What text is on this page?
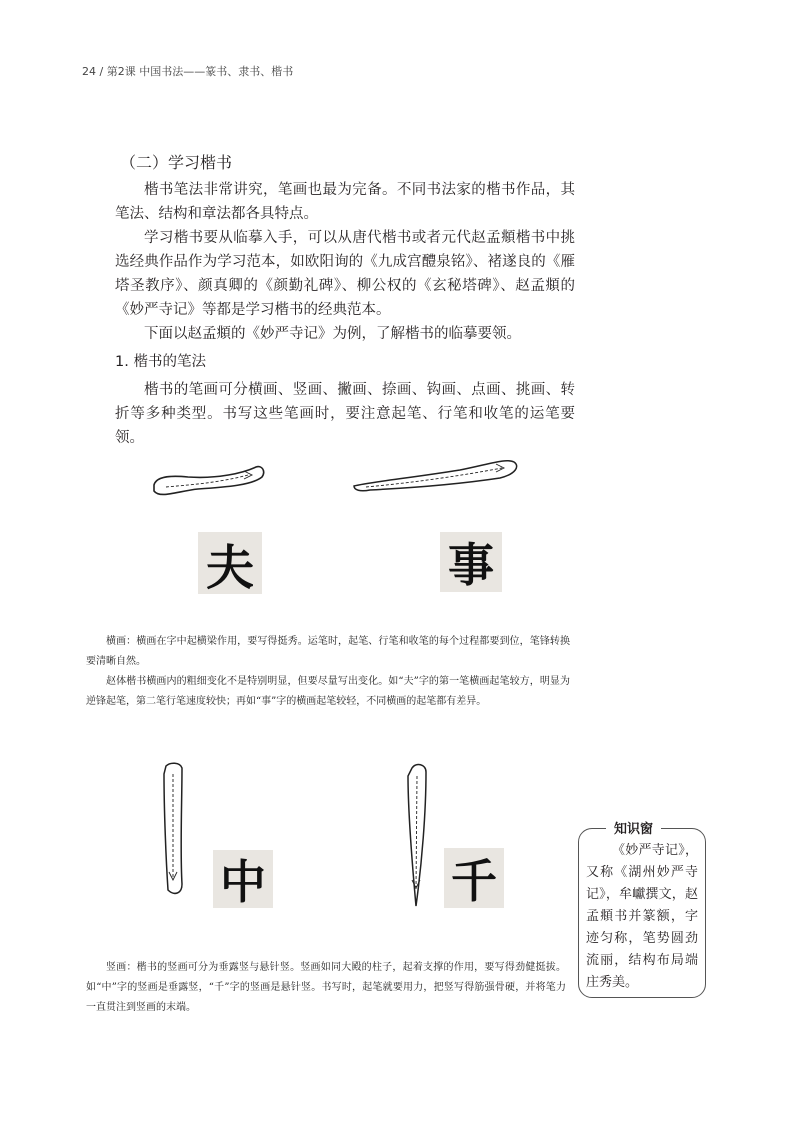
24 ∕ 第2课 中国书法——篆书、隶书、楷书
（二）学习楷书
楷书笔法非常讲究，笔画也最为完备。不同书法家的楷书作品，其笔法、结构和章法都各具特点。
学习楷书要从临摹入手，可以从唐代楷书或者元代赵孟頫楷书中挑选经典作品作为学习范本，如欧阳询的《九成宫醴泉铭》、褚遂良的《雁塔圣教序》、颜真卿的《颜勤礼碑》、柳公权的《玄秘塔碑》、赵孟頫的《妙严寺记》等都是学习楷书的经典范本。
下面以赵孟頫的《妙严寺记》为例，了解楷书的临摹要领。
1. 楷书的笔法
楷书的笔画可分横画、竖画、撇画、捺画、钩画、点画、挑画、转折等多种类型。书写这些笔画时，要注意起笔、行笔和收笔的运笔要领。
夫	事
横画：横画在字中起横梁作用，要写得挺秀。运笔时，起笔、行笔和收笔的每个过程都要到位，笔锋转换要清晰自然。
赵体楷书横画内的粗细变化不是特别明显，但要尽量写出变化。如“夫”字的第一笔横画起笔较方，明显为逆锋起笔，第二笔行笔速度较快；再如“事”字的横画起笔较轻，不同横画的起笔都有差异。
中	千
竖画：楷书的竖画可分为垂露竖与悬针竖。竖画如同大殿的柱子，起着支撑的作用，要写得劲健挺拔。如“中”字的竖画是垂露竖，“千”字的竖画是悬针竖。书写时，起笔就要用力，把竖写得筋强骨硬，并将笔力一直贯注到竖画的末端。
知识窗
《妙严寺记》，又称《湖州妙严寺记》，牟巘撰文，赵孟頫书并篆额，字迹匀称，笔势圆劲流丽，结构布局端庄秀美。
